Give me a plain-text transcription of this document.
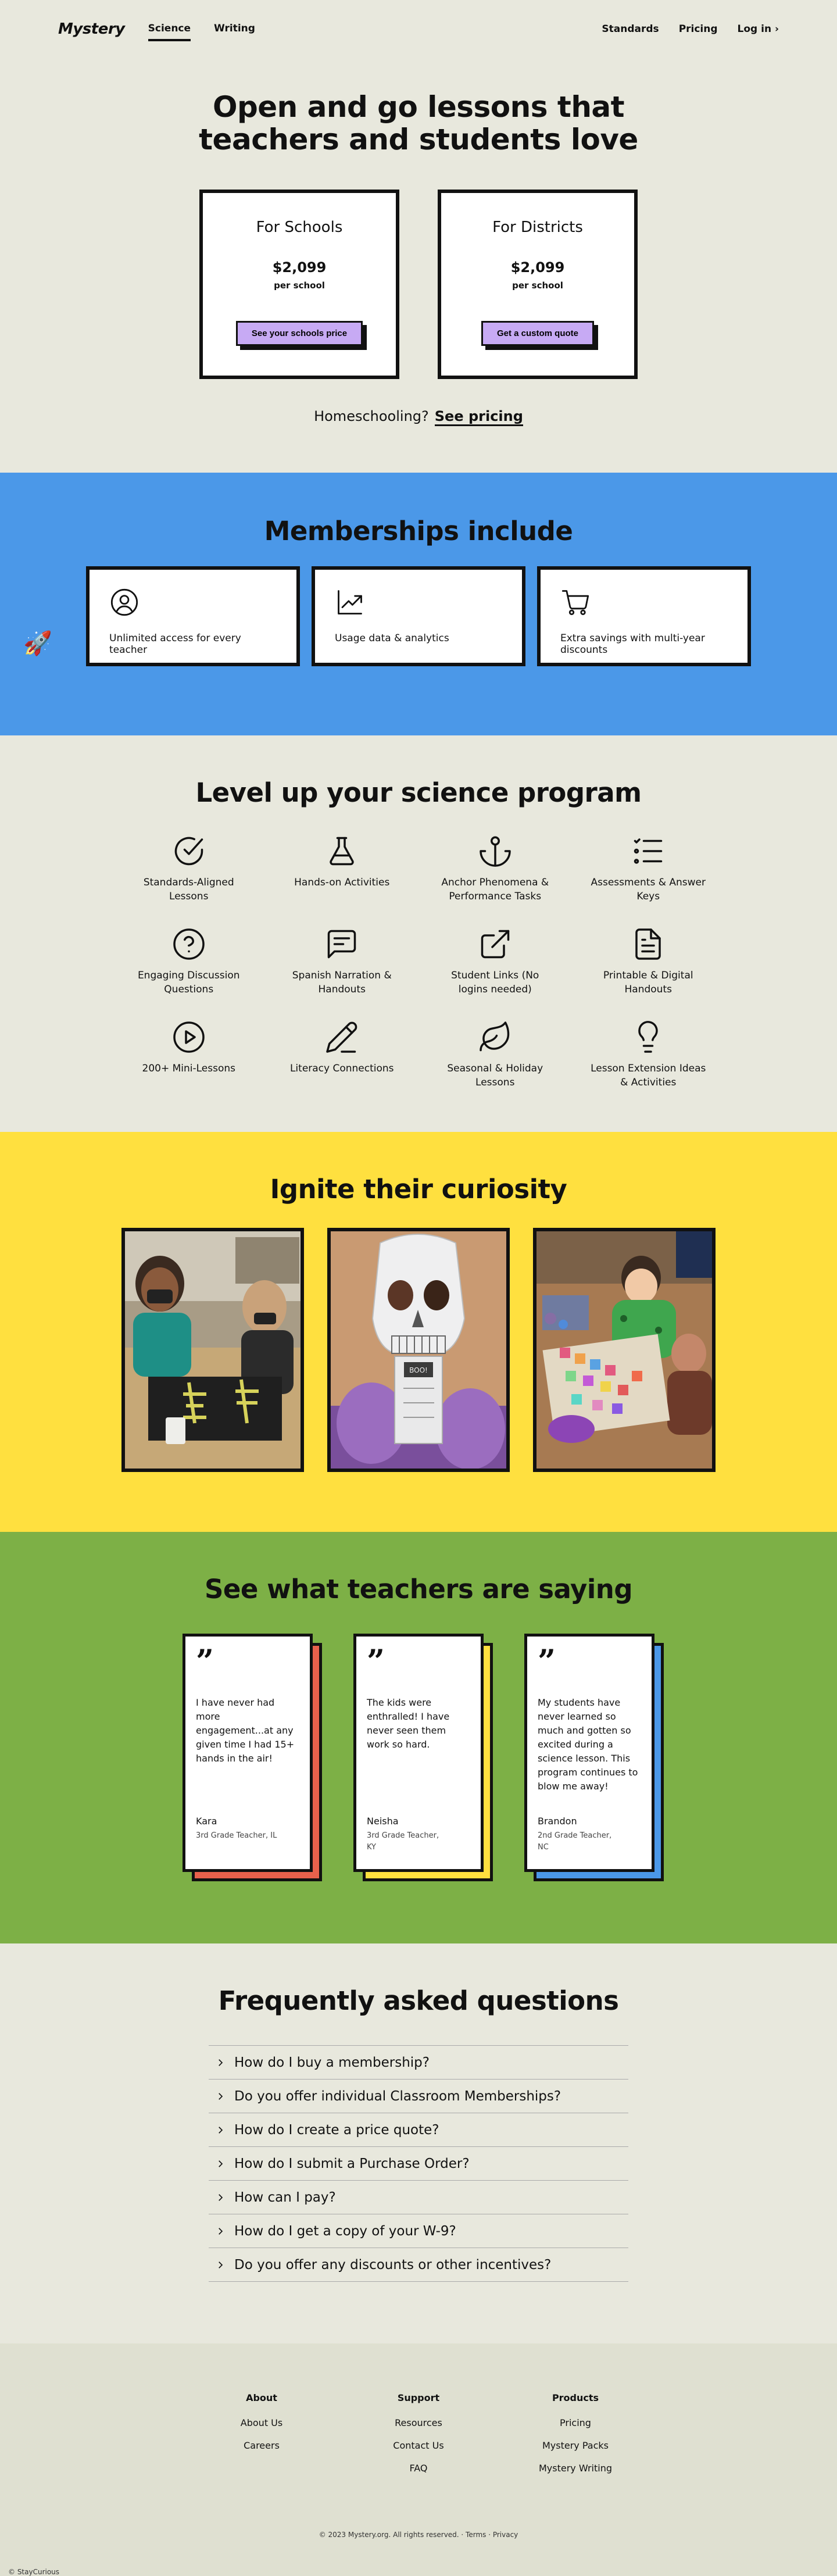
Mystery Science Writing	Standards Pricing Log in ›
Open and go lessons that
teachers and students love
For Schools
$2,099
per school
See your schools price
For Districts
$2,099
per school
Get a custom quote
Homeschooling? See pricing
🚀
Memberships include
Unlimited access for every teacher
Usage data & analytics	Extra savings with multi-year discounts
Level up your science program
Standards-Aligned Lessons
Hands-on Activities	Anchor Phenomena & Performance Tasks
Assessments & Answer Keys
Engaging Discussion Questions
Spanish Narration & Handouts
Student Links (No logins needed)
Printable & Digital Handouts
200+ Mini-Lessons	Literacy Connections	Seasonal & Holiday Lessons
Lesson Extension Ideas & Activities
Ignite their curiosity
BOO!
See what teachers are saying
”
I have never had more engagement...at any given time I had 15+ hands in the air!
Kara
3rd Grade Teacher, IL
”
The kids were enthralled! I have never seen them work so hard.
Neisha
3rd Grade Teacher, KY
”
My students have never learned so much and gotten so excited during a science lesson. This program continues to blow me away!
Brandon
2nd Grade Teacher, NC
Frequently asked questions
How do I buy a membership?
Do you offer individual Classroom Memberships?
How do I create a price quote?
How do I submit a Purchase Order?
How can I pay?
How do I get a copy of your W-9?
Do you offer any discounts or other incentives?
About
About Us
Careers
Support
Resources
Contact Us
FAQ
Products
Pricing
Mystery Packs
Mystery Writing
© 2023 Mystery.org. All rights reserved. · Terms · Privacy
© StayCurious
